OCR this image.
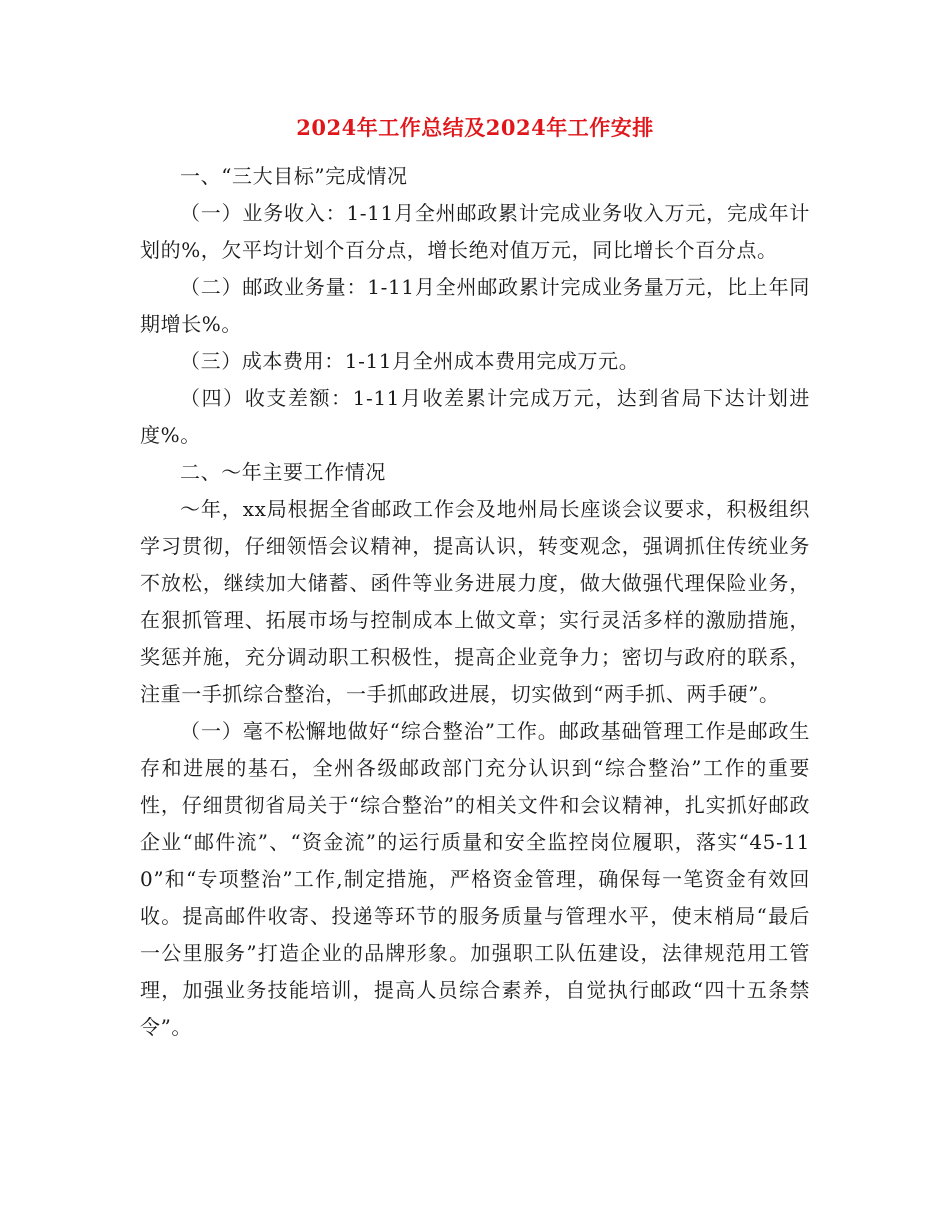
2024年工作总结及2024年工作安排

一、“三大目标”完成情况

（一）业务收入：1-11月全州邮政累计完成业务收入万元，完成年计划的%，欠平均计划个百分点，增长绝对值万元，同比增长个百分点。

（二）邮政业务量：1-11月全州邮政累计完成业务量万元，比上年同期增长%。

（三）成本费用：1-11月全州成本费用完成万元。

（四）收支差额：1-11月收差累计完成万元，达到省局下达计划进度%。

二、～年主要工作情况

～年，xx局根据全省邮政工作会及地州局长座谈会议要求，积极组织学习贯彻，仔细领悟会议精神，提高认识，转变观念，强调抓住传统业务不放松，继续加大储蓄、函件等业务进展力度，做大做强代理保险业务，在狠抓管理、拓展市场与控制成本上做文章；实行灵活多样的激励措施，奖惩并施，充分调动职工积极性，提高企业竞争力；密切与政府的联系，注重一手抓综合整治，一手抓邮政进展，切实做到“两手抓、两手硬”。

（一）毫不松懈地做好“综合整治”工作。邮政基础管理工作是邮政生存和进展的基石，全州各级邮政部门充分认识到“综合整治”工作的重要性，仔细贯彻省局关于“综合整治”的相关文件和会议精神，扎实抓好邮政企业“邮件流”、“资金流”的运行质量和安全监控岗位履职，落实“45-110”和“专项整治”工作,制定措施，严格资金管理，确保每一笔资金有效回收。提高邮件收寄、投递等环节的服务质量与管理水平，使末梢局“最后一公里服务”打造企业的品牌形象。加强职工队伍建设，法律规范用工管理，加强业务技能培训，提高人员综合素养，自觉执行邮政“四十五条禁令”。
